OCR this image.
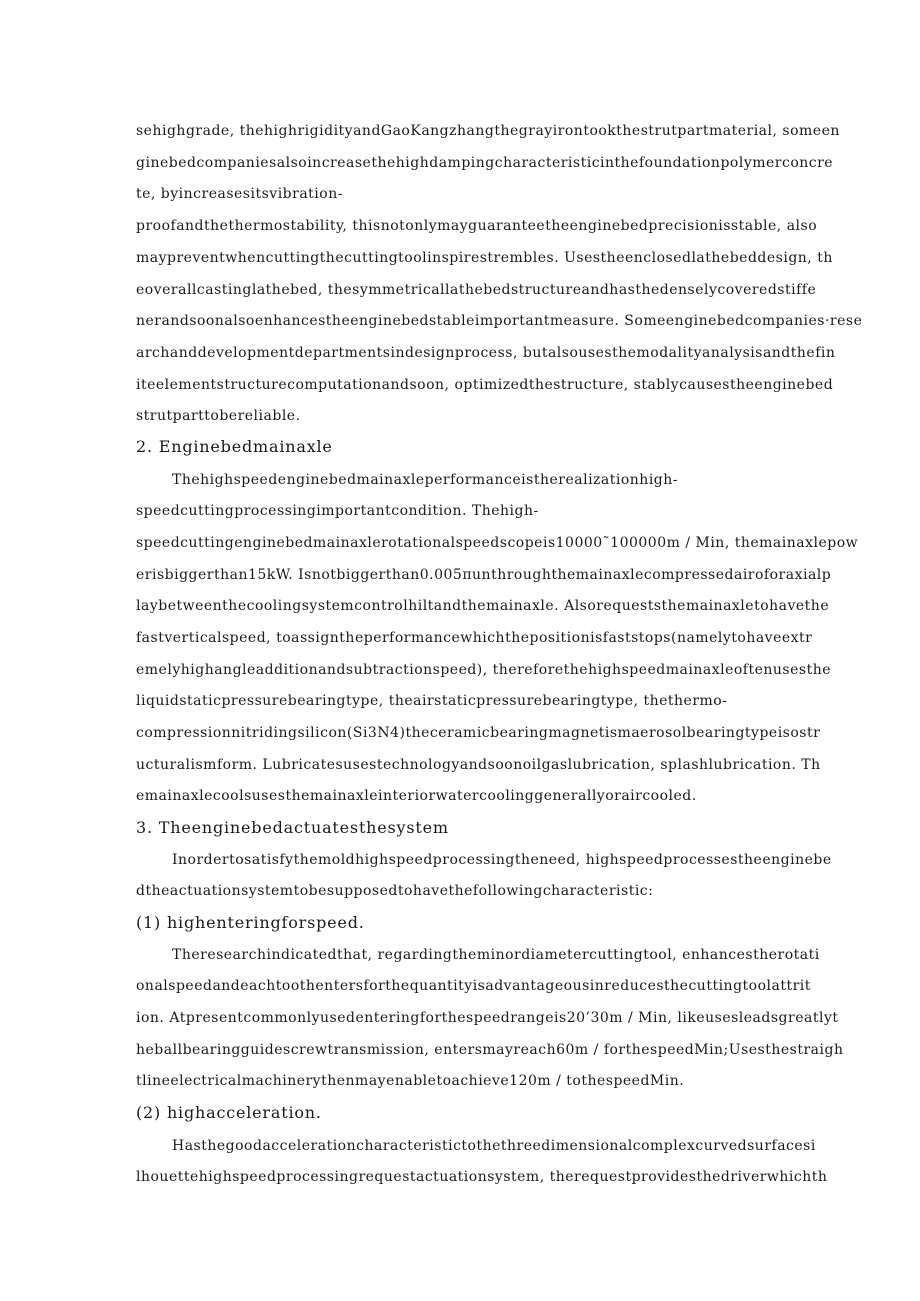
sehighgrade, thehighrigidityandGaoKangzhangthegrayirontookthestrutpartmaterial, someen
ginebedcompaniesalsoincreasethehighdampingcharacteristicinthefoundationpolymerconcre
te, byincreasesitsvibration-
proofandthethermostability, thisnotonlymayguaranteetheenginebedprecisionisstable, also
maypreventwhencuttingthecuttingtoolinspirestrembles. Usestheenclosedlathebeddesign, th
eoverallcastinglathebed, thesymmetricallathebedstructureandhasthedenselycoveredstiffe
nerandsoonalsoenhancestheenginebedstableimportantmeasure. Someenginebedcompanies·rese
archanddevelopmentdepartmentsindesignprocess, butalsousesthemodalityanalysisandthefin
iteelementstructurecomputationandsoon, optimizedthestructure, stablycausestheenginebed
strutparttobereliable.
2. Enginebedmainaxle
Thehighspeedenginebedmainaxleperformanceistherealizationhigh-
speedcuttingprocessingimportantcondition. Thehigh-
speedcuttingenginebedmainaxlerotationalspeedscopeis10000˜100000m / Min, themainaxlepow
erisbiggerthan15kW. Isnotbiggerthan0.005πunthroughthemainaxlecompressedairoforaxialp
laybetweenthecoolingsystemcontrolhiltandthemainaxle. Alsorequeststhemainaxletohavethe
fastverticalspeed, toassigntheperformancewhichthepositionisfaststops(namelytohaveextr
emelyhighangleadditionandsubtractionspeed), thereforethehighspeedmainaxleoftenusesthe
liquidstaticpressurebearingtype, theairstaticpressurebearingtype, thethermo-
compressionnitridingsilicon(Si3N4)theceramicbearingmagnetismaerosolbearingtypeisostr
ucturalismform. Lubricatesusestechnologyandsoonoilgaslubrication, splashlubrication. Th
emainaxlecoolsusesthemainaxleinteriorwatercoolinggenerallyoraircooled.
3. Theenginebedactuatesthesystem
Inordertosatisfythemoldhighspeedprocessingtheneed, highspeedprocessestheenginebe
dtheactuationsystemtobesupposedtohavethefollowingcharacteristic:
(1) highenteringforspeed.
Theresearchindicatedthat, regardingtheminordiametercuttingtool, enhancestherotati
onalspeedandeachtoothentersforthequantityisadvantageousinreducesthecuttingtoolattrit
ion. Atpresentcommonlyusedenteringforthespeedrangeis20’30m / Min, likeusesleadsgreatlyt
heballbearingguidescrewtransmission, entersmayreach60m / forthespeedMin;Usesthestraigh
tlineelectricalmachinerythenmayenabletoachieve120m / tothespeedMin.
(2) highacceleration.
Hasthegoodaccelerationcharacteristictothethreedimensionalcomplexcurvedsurfacesi
lhouettehighspeedprocessingrequestactuationsystem, therequestprovidesthedriverwhichth
